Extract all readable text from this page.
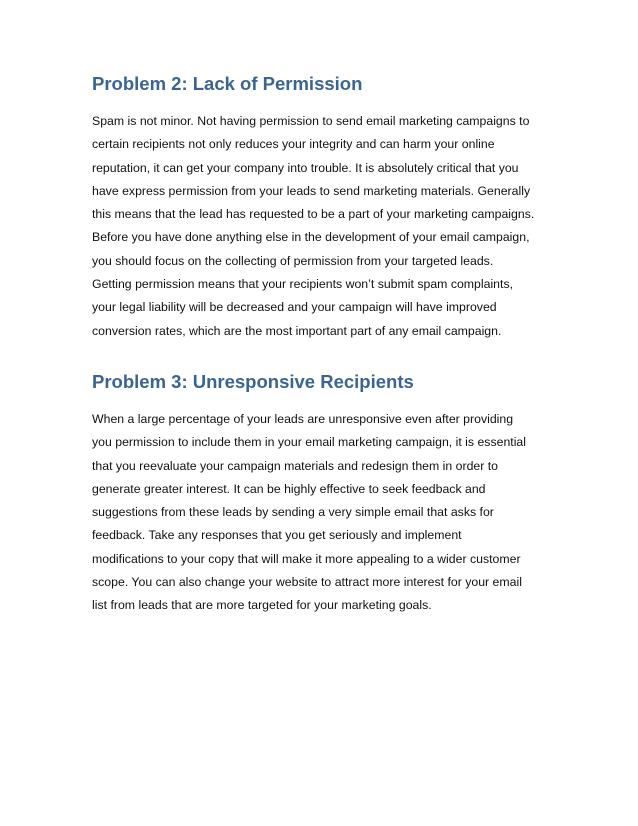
Problem 2: Lack of Permission
Spam is not minor. Not having permission to send email marketing campaigns to
certain recipients not only reduces your integrity and can harm your online
reputation, it can get your company into trouble. It is absolutely critical that you
have express permission from your leads to send marketing materials. Generally
this means that the lead has requested to be a part of your marketing campaigns.
Before you have done anything else in the development of your email campaign,
you should focus on the collecting of permission from your targeted leads.
Getting permission means that your recipients won’t submit spam complaints,
your legal liability will be decreased and your campaign will have improved
conversion rates, which are the most important part of any email campaign.
Problem 3: Unresponsive Recipients
When a large percentage of your leads are unresponsive even after providing
you permission to include them in your email marketing campaign, it is essential
that you reevaluate your campaign materials and redesign them in order to
generate greater interest. It can be highly effective to seek feedback and
suggestions from these leads by sending a very simple email that asks for
feedback. Take any responses that you get seriously and implement
modifications to your copy that will make it more appealing to a wider customer
scope. You can also change your website to attract more interest for your email
list from leads that are more targeted for your marketing goals.
